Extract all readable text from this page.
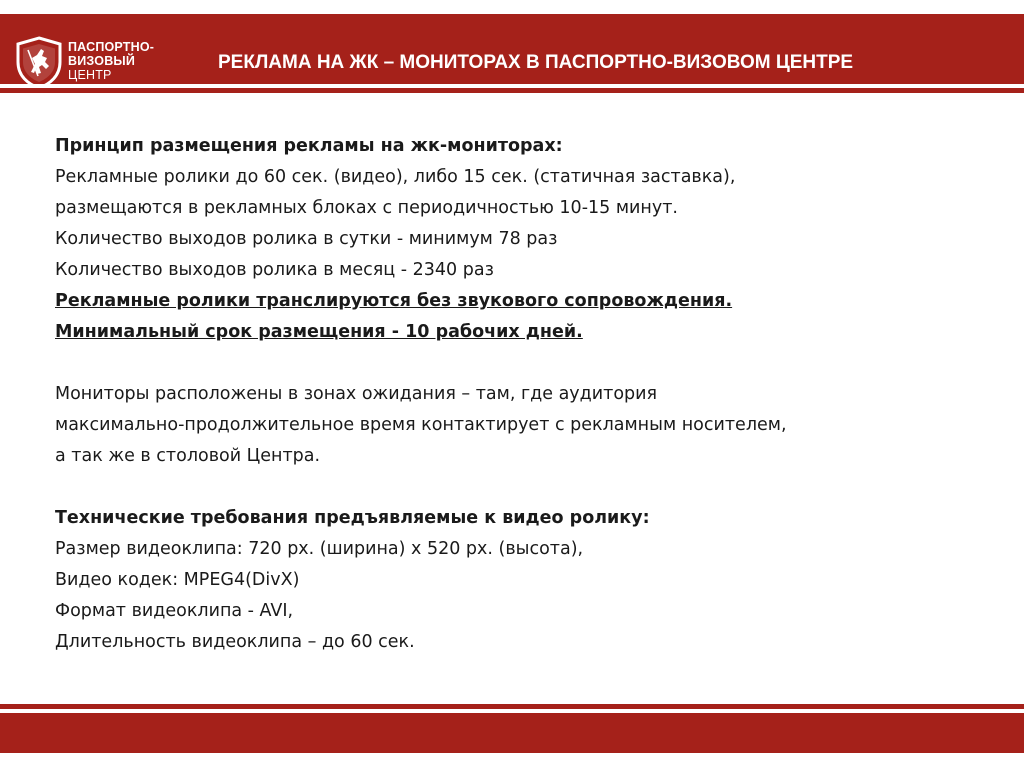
ПАСПОРТНО-
ВИЗОВЫЙ
ЦЕНТР
РЕКЛАМА НА ЖК – МОНИТОРАХ В ПАСПОРТНО-ВИЗОВОМ ЦЕНТРЕ

Принцип размещения рекламы на жк-мониторах:

Рекламные ролики до 60 сек. (видео), либо 15 сек. (статичная заставка),

размещаются в рекламных блоках с периодичностью 10-15 минут.

Количество выходов ролика в сутки - минимум 78 раз

Количество выходов ролика в месяц - 2340 раз

Рекламные ролики транслируются без звукового сопровождения.

Минимальный срок размещения - 10 рабочих дней.

Мониторы расположены в зонах ожидания – там, где аудитория

максимально-продолжительное время контактирует с рекламным носителем,

а так же в столовой Центра.

Технические требования предъявляемые к видео ролику:

Размер видеоклипа: 720 px. (ширина) х 520 px. (высота),

Видео кодек: MPEG4(DivX)

Формат видеоклипа - AVI,

Длительность видеоклипа – до 60 сек.
